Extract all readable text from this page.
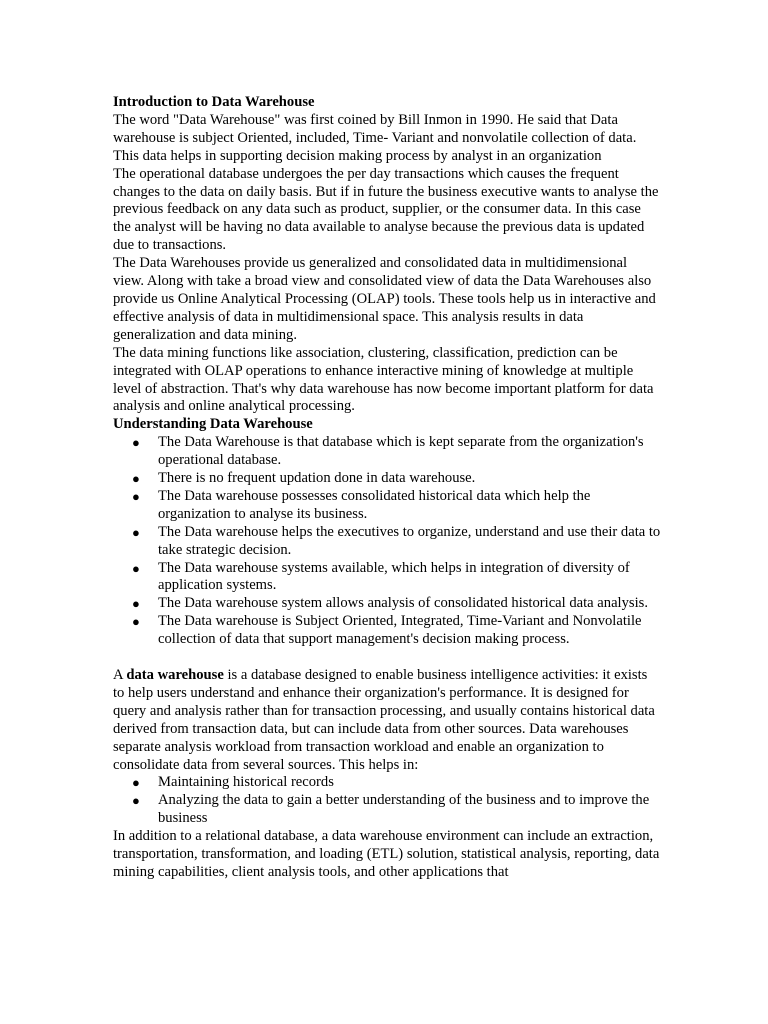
Introduction to Data Warehouse

The word "Data Warehouse" was first coined by Bill Inmon in 1990. He said that Data warehouse is subject Oriented, included, Time- Variant and nonvolatile collection of data. This data helps in supporting decision making process by analyst in an organization

The operational database undergoes the per day transactions which causes the frequent changes to the data on daily basis. But if in future the business executive wants to analyse the previous feedback on any data such as product, supplier, or the consumer data. In this case the analyst will be having no data available to analyse because the previous data is updated due to transactions.

The Data Warehouses provide us generalized and consolidated data in multidimensional view. Along with take a broad view and consolidated view of data the Data Warehouses also provide us Online Analytical Processing (OLAP) tools. These tools help us in interactive and effective analysis of data in multidimensional space. This analysis results in data generalization and data mining.

The data mining functions like association, clustering, classification, prediction can be integrated with OLAP operations to enhance interactive mining of knowledge at multiple level of abstraction. That's why data warehouse has now become important platform for data analysis and online analytical processing.

Understanding Data Warehouse

● The Data Warehouse is that database which is kept separate from the organization's operational database.
● There is no frequent updation done in data warehouse.
● The Data warehouse possesses consolidated historical data which help the organization to analyse its business.
● The Data warehouse helps the executives to organize, understand and use their data to take strategic decision.
● The Data warehouse systems available, which helps in integration of diversity of application systems.
● The Data warehouse system allows analysis of consolidated historical data analysis.
● The Data warehouse is Subject Oriented, Integrated, Time-Variant and Nonvolatile collection of data that support management's decision making process.

A data warehouse is a database designed to enable business intelligence activities: it exists to help users understand and enhance their organization's performance. It is designed for query and analysis rather than for transaction processing, and usually contains historical data derived from transaction data, but can include data from other sources. Data warehouses separate analysis workload from transaction workload and enable an organization to consolidate data from several sources. This helps in:

● Maintaining historical records
● Analyzing the data to gain a better understanding of the business and to improve the business

In addition to a relational database, a data warehouse environment can include an extraction, transportation, transformation, and loading (ETL) solution, statistical analysis, reporting, data mining capabilities, client analysis tools, and other applications that
